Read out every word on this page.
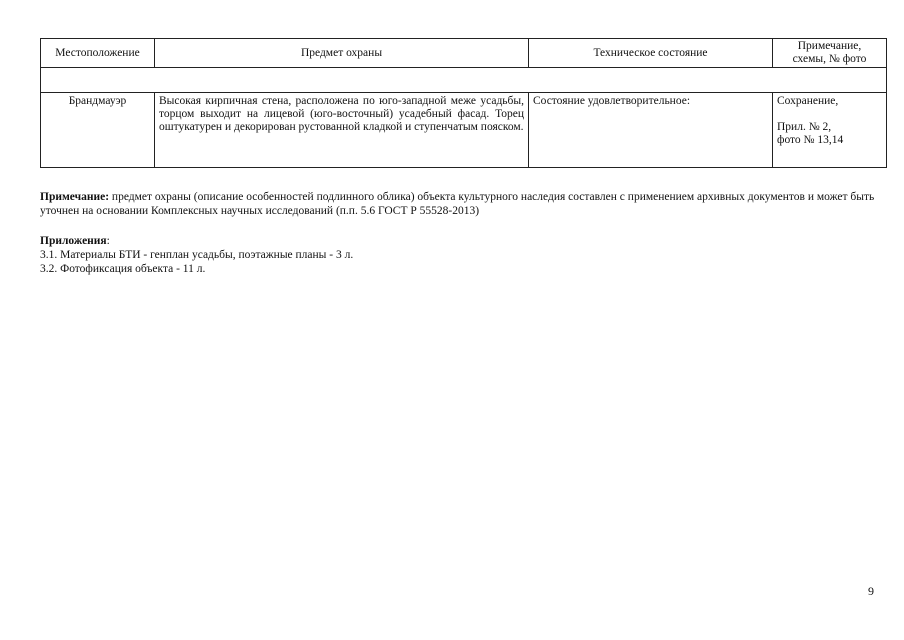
Местоположение	Предмет охраны	Техническое состояние	Примечание,
схемы, № фото

Брандмауэр	Высокая кирпичная стена, расположена по юго-западной меже усадьбы, торцом выходит на лицевой (юго-восточный) усадебный фасад. Торец оштукатурен и декорирован рустованной кладкой и ступенчатым пояском.	Состояние удовлетворительное:	Сохранение,
Прил. № 2,
фото № 13,14
Примечание: предмет охраны (описание особенностей подлинного облика) объекта культурного наследия составлен с применением архивных документов и может быть уточнен на основании Комплексных научных исследований (п.п. 5.6 ГОСТ Р 55528-2013)
Приложения:
3.1. Материалы БТИ - генплан усадьбы, поэтажные планы - 3 л.
3.2. Фотофиксация объекта - 11 л.
9
